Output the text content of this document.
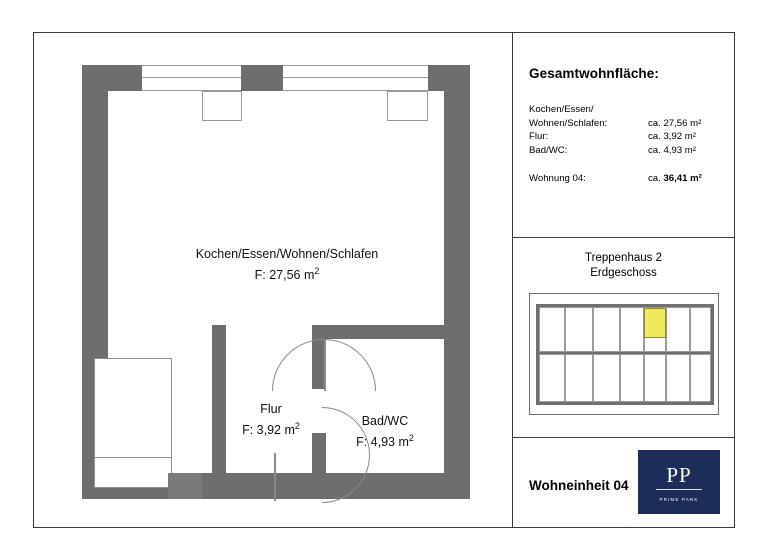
Kochen/Essen/Wohnen/Schlafen
F: 27,56 $m^2$
Flur
F: 3,92 $m^2$	Bad/WC
F: 4,93 $m^2$
Gesamtwohnfläche:
Kochen/Essen/
Wohnen/Schlafen:	ca. 27,56 m²
Flur:	ca. 3,92 m²
Bad/WC:	ca. 4,93 m²
Wohnung 04:	ca. 36,41 m²
Treppenhaus 2
Erdgeschoss
Wohneinheit 04	PP
PRIME PARK
